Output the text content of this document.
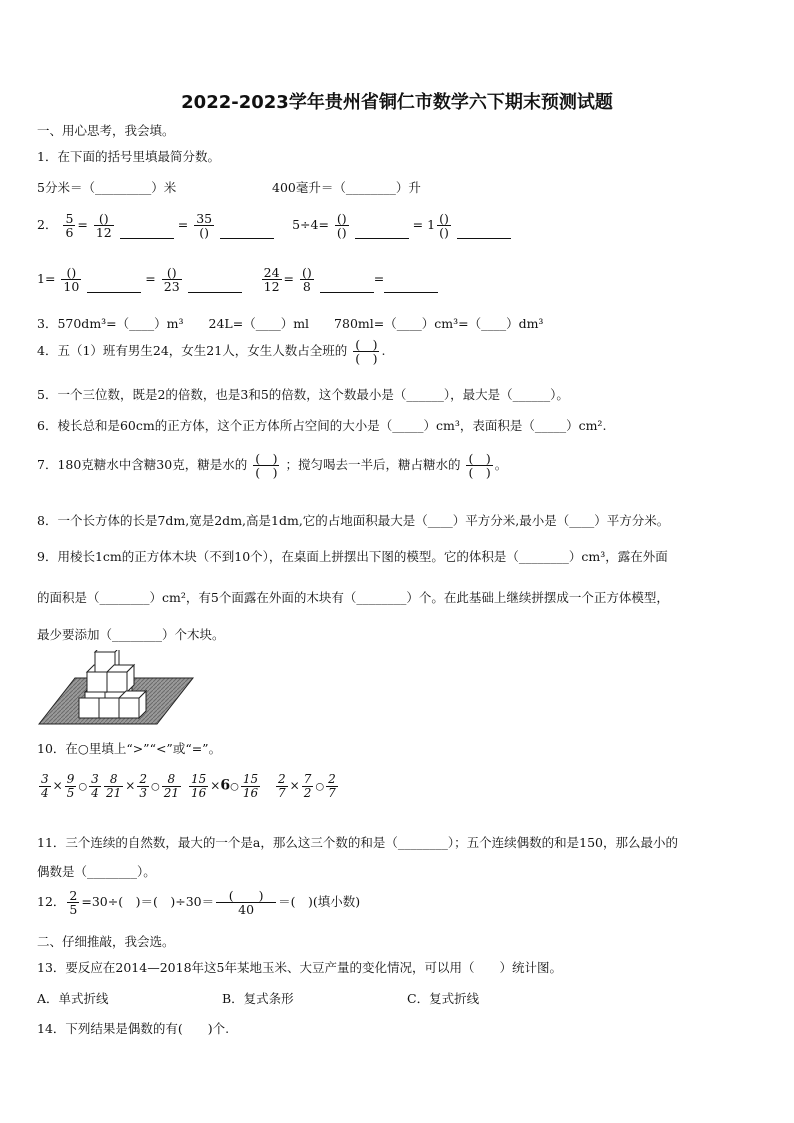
2022-2023学年贵州省铜仁市数学六下期末预测试题
一、用心思考，我会填。
1．在下面的括号里填最简分数。
5分米＝（_________）米	400毫升＝（________）升
2． $\frac{5}{6} = \frac{()}{12}$	= $\frac{35}{()}$	$5\div 4= \frac{()}{()}$	= $1 \frac{()}{()}$

$1= \frac{()}{10}$	= $\frac{()}{23}$
	$\frac{24}{12} = \frac{()}{8}$	=
3．570dm³=（____）m³　　24L=（____）ml　　780ml=（____）cm³=（____）dm³
4．五（1）班有男生24，女生21人，女生人数占全班的 $\frac{( )}{( )}$ .
5．一个三位数，既是2的倍数，也是3和5的倍数，这个数最小是（______），最大是（______）。
6．棱长总和是60cm的正方体，这个正方体所占空间的大小是（_____）cm³，表面积是（_____）cm².
7．180克糖水中含糖30克，糖是水的 $\frac{( )}{( )}$ ；搅匀喝去一半后，糖占糖水的 $\frac{( )}{( )}$ 。
8．一个长方体的长是7dm,宽是2dm,高是1dm,它的占地面积最大是（____）平方分米,最小是（____）平方分米。
9．用棱长1cm的正方体木块（不到10个），在桌面上拼摆出下图的模型。它的体积是（________）cm³，露在外面
的面积是（________）cm²，有5个面露在外面的木块有（________）个。在此基础上继续拼摆成一个正方体模型，
最少要添加（________）个木块。
10．在○里填上“>”“<”或“=”。
$\frac{3}{4} \times \frac{9}{5}$ ○ $\frac{3}{4} \frac{8}{21} \times \frac{2}{3}$ ○ $\frac{8}{21} \frac{15}{16}$ ×6○ $\frac{15}{16} \frac{2}{7} \times \frac{7}{2}$ ○ $\frac{2}{7}$
11．三个连续的自然数，最大的一个是a，那么这三个数的和是（________）；五个连续偶数的和是150，那么最小的
偶数是（________）。
12． $\frac{2}{5} =30\div$(　)＝(　)$\div 30= \frac{( )}{40}$ ＝(　)(填小数)
二、仔细推敲，我会选。
13．要反应在2014—2018年这5年某地玉米、大豆产量的变化情况，可以用（　　）统计图。
A．单式折线	B．复式条形	C．复式折线
14．下列结果是偶数的有(　　)个.
